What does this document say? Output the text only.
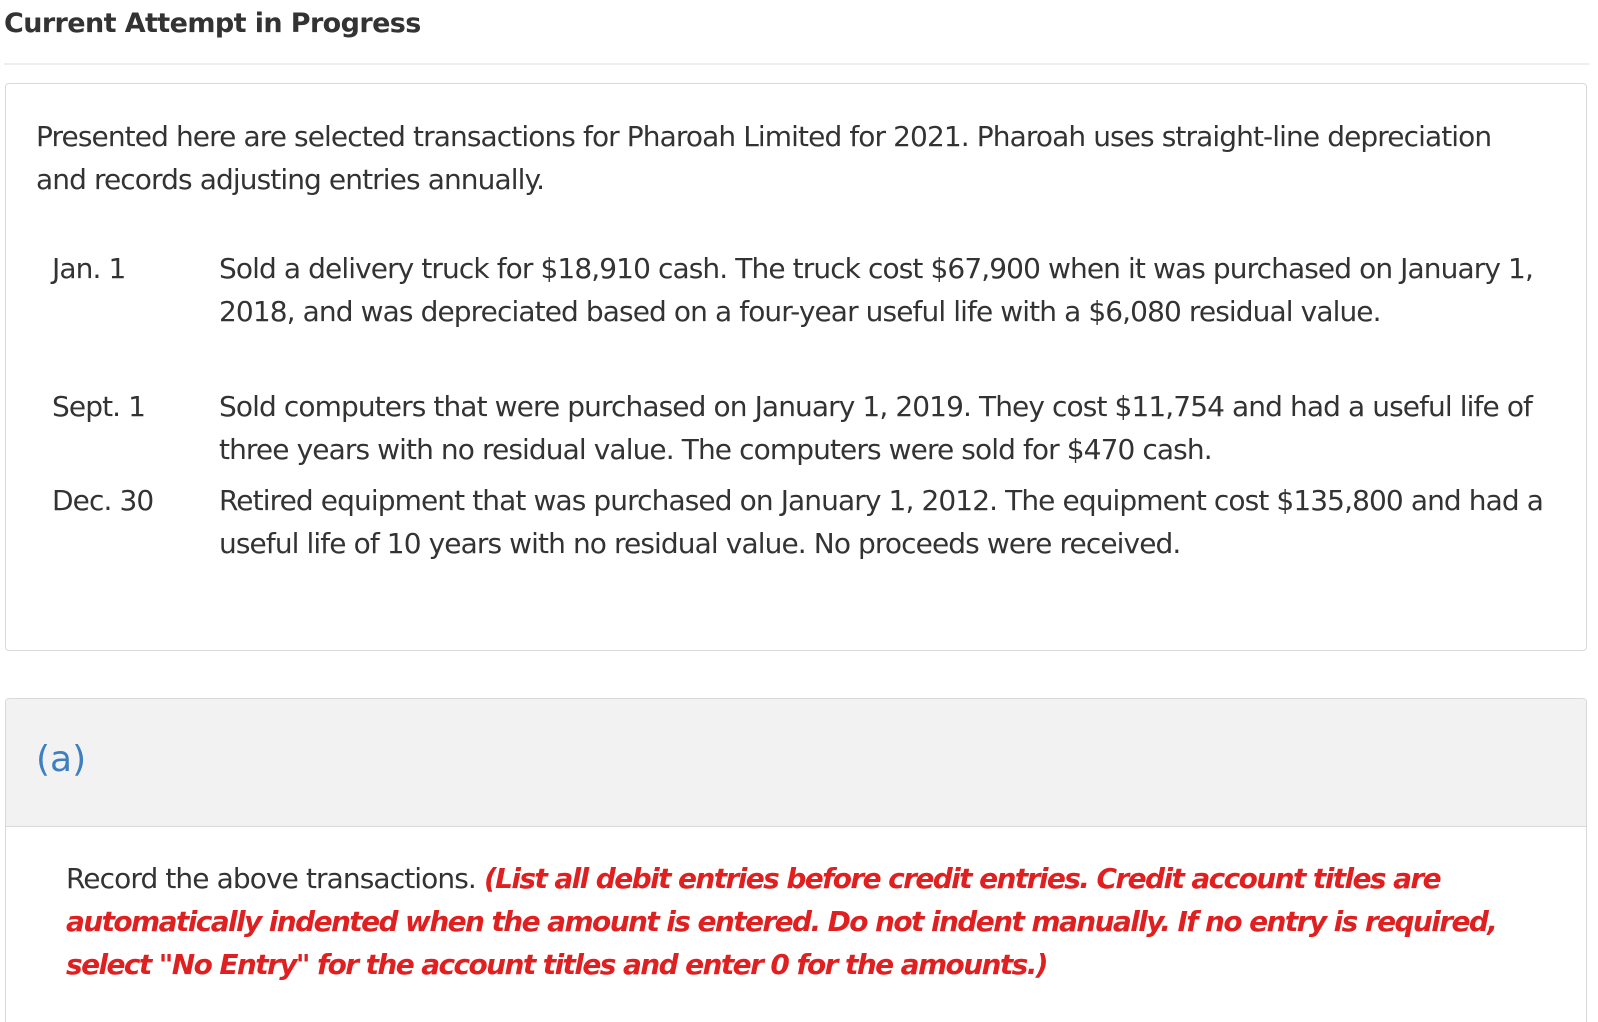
Current Attempt in Progress

Presented here are selected transactions for Pharoah Limited for 2021. Pharoah uses straight-line depreciation and records adjusting entries annually.

Jan. 1	Sold a delivery truck for $18,910 cash. The truck cost $67,900 when it was purchased on January 1, 2018, and was depreciated based on a four-year useful life with a $6,080 residual value.
Sept. 1	Sold computers that were purchased on January 1, 2019. They cost $11,754 and had a useful life of three years with no residual value. The computers were sold for $470 cash.
Dec. 30	Retired equipment that was purchased on January 1, 2012. The equipment cost $135,800 and had a useful life of 10 years with no residual value. No proceeds were received.
(a)

Record the above transactions. (List all debit entries before credit entries. Credit account titles are automatically indented when the amount is entered. Do not indent manually. If no entry is required, select "No Entry" for the account titles and enter 0 for the amounts.)
